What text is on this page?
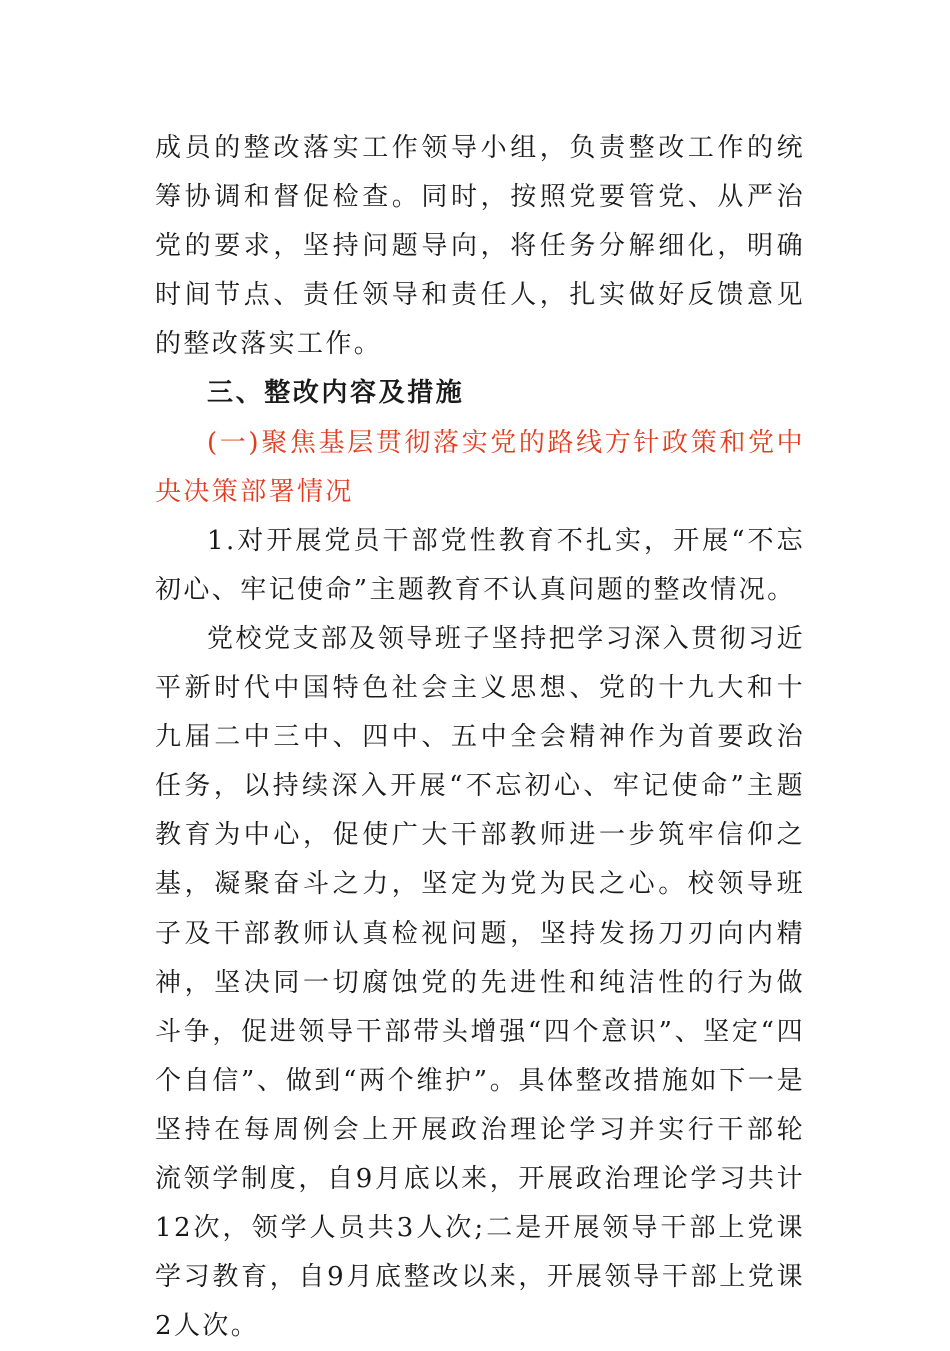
成员的整改落实工作领导小组，负责整改工作的统筹协调和督促检查。同时，按照党要管党、从严治党的要求，坚持问题导向，将任务分解细化，明确时间节点、责任领导和责任人，扎实做好反馈意见的整改落实工作。

三、整改内容及措施

(一)聚焦基层贯彻落实党的路线方针政策和党中央决策部署情况

1.对开展党员干部党性教育不扎实，开展“不忘初心、牢记使命”主题教育不认真问题的整改情况。

党校党支部及领导班子坚持把学习深入贯彻习近平新时代中国特色社会主义思想、党的十九大和十九届二中三中、四中、五中全会精神作为首要政治任务，以持续深入开展“不忘初心、牢记使命”主题教育为中心，促使广大干部教师进一步筑牢信仰之基，凝聚奋斗之力，坚定为党为民之心。校领导班子及干部教师认真检视问题，坚持发扬刀刃向内精神，坚决同一切腐蚀党的先进性和纯洁性的行为做斗争，促进领导干部带头增强“四个意识”、坚定“四个自信”、做到“两个维护”。具体整改措施如下一是坚持在每周例会上开展政治理论学习并实行干部轮流领学制度，自9月底以来，开展政治理论学习共计12次，领学人员共3人次;二是开展领导干部上党课学习教育，自9月底整改以来，开展领导干部上党课2人次。
